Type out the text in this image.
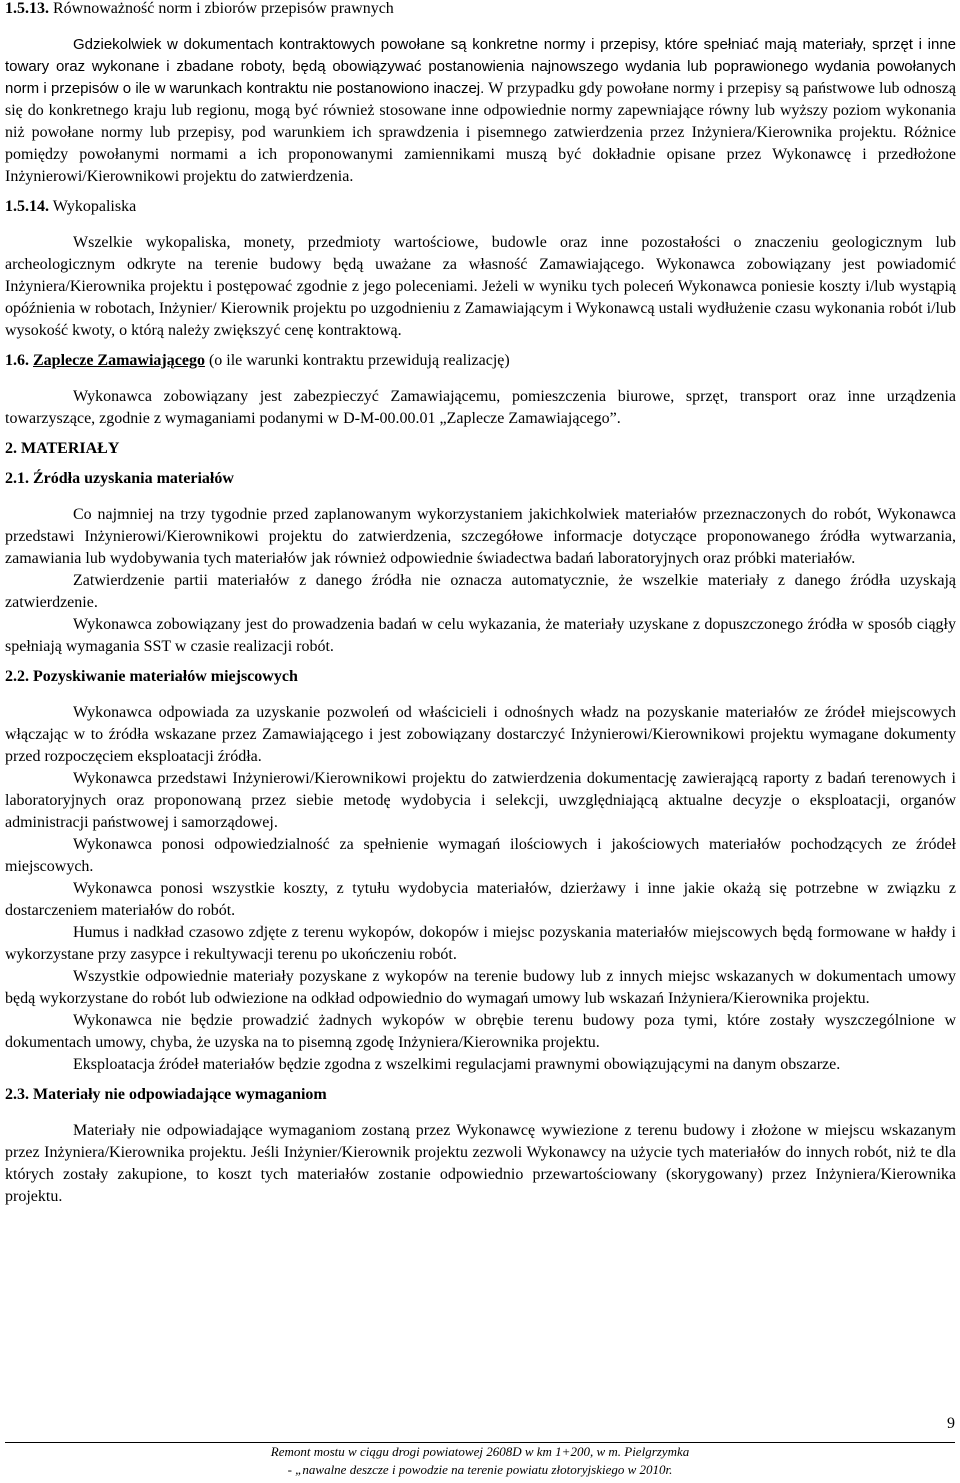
1.5.13. Równoważność norm i zbiorów przepisów prawnych

Gdziekolwiek w dokumentach kontraktowych powołane są konkretne normy i przepisy, które spełniać mają materiały, sprzęt i inne towary oraz wykonane i zbadane roboty, będą obowiązywać postanowienia najnowszego wydania lub poprawionego wydania powołanych norm i przepisów o ile w warunkach kontraktu nie postanowiono inaczej. W przypadku gdy powołane normy i przepisy są państwowe lub odnoszą się do konkretnego kraju lub regionu, mogą być również stosowane inne odpowiednie normy zapewniające równy lub wyższy poziom wykonania niż powołane normy lub przepisy, pod warunkiem ich sprawdzenia i pisemnego zatwierdzenia przez Inżyniera/Kierownika projektu. Różnice pomiędzy powołanymi normami a ich proponowanymi zamiennikami muszą być dokładnie opisane przez Wykonawcę i przedłożone Inżynierowi/Kierownikowi projektu do zatwierdzenia.

1.5.14. Wykopaliska

Wszelkie wykopaliska, monety, przedmioty wartościowe, budowle oraz inne pozostałości o znaczeniu geologicznym lub archeologicznym odkryte na terenie budowy będą uważane za własność Zamawiającego. Wykonawca zobowiązany jest powiadomić Inżyniera/Kierownika projektu i postępować zgodnie z jego poleceniami. Jeżeli w wyniku tych poleceń Wykonawca poniesie koszty i/lub wystąpią opóźnienia w robotach, Inżynier/ Kierownik projektu po uzgodnieniu z Zamawiającym i Wykonawcą ustali wydłużenie czasu wykonania robót i/lub wysokość kwoty, o którą należy zwiększyć cenę kontraktową.

1.6. Zaplecze Zamawiającego (o ile warunki kontraktu przewidują realizację)

Wykonawca zobowiązany jest zabezpieczyć Zamawiającemu, pomieszczenia biurowe, sprzęt, transport oraz inne urządzenia towarzyszące, zgodnie z wymaganiami podanymi w D-M-00.00.01 „Zaplecze Zamawiającego”.

2. MATERIAŁY

2.1. Źródła uzyskania materiałów

Co najmniej na trzy tygodnie przed zaplanowanym wykorzystaniem jakichkolwiek materiałów przeznaczonych do robót, Wykonawca przedstawi Inżynierowi/Kierownikowi projektu do zatwierdzenia, szczegółowe informacje dotyczące proponowanego źródła wytwarzania, zamawiania lub wydobywania tych materiałów jak również odpowiednie świadectwa badań laboratoryjnych oraz próbki materiałów.

Zatwierdzenie partii materiałów z danego źródła nie oznacza automatycznie, że wszelkie materiały z danego źródła uzyskają zatwierdzenie.

Wykonawca zobowiązany jest do prowadzenia badań w celu wykazania, że materiały uzyskane z dopuszczonego źródła w sposób ciągły spełniają wymagania SST w czasie realizacji robót.

2.2. Pozyskiwanie materiałów miejscowych

Wykonawca odpowiada za uzyskanie pozwoleń od właścicieli i odnośnych władz na pozyskanie materiałów ze źródeł miejscowych włączając w to źródła wskazane przez Zamawiającego i jest zobowiązany dostarczyć Inżynierowi/Kierownikowi projektu wymagane dokumenty przed rozpoczęciem eksploatacji źródła.

Wykonawca przedstawi Inżynierowi/Kierownikowi projektu do zatwierdzenia dokumentację zawierającą raporty z badań terenowych i laboratoryjnych oraz proponowaną przez siebie metodę wydobycia i selekcji, uwzględniającą aktualne decyzje o eksploatacji, organów administracji państwowej i samorządowej.

Wykonawca ponosi odpowiedzialność za spełnienie wymagań ilościowych i jakościowych materiałów pochodzących ze źródeł miejscowych.

Wykonawca ponosi wszystkie koszty, z tytułu wydobycia materiałów, dzierżawy i inne jakie okażą się potrzebne w związku z dostarczeniem materiałów do robót.

Humus i nadkład czasowo zdjęte z terenu wykopów, dokopów i miejsc pozyskania materiałów miejscowych będą formowane w hałdy i wykorzystane przy zasypce i rekultywacji terenu po ukończeniu robót.

Wszystkie odpowiednie materiały pozyskane z wykopów na terenie budowy lub z innych miejsc wskazanych w dokumentach umowy będą wykorzystane do robót lub odwiezione na odkład odpowiednio do wymagań umowy lub wskazań Inżyniera/Kierownika projektu.

Wykonawca nie będzie prowadzić żadnych wykopów w obrębie terenu budowy poza tymi, które zostały wyszczególnione w dokumentach umowy, chyba, że uzyska na to pisemną zgodę Inżyniera/Kierownika projektu.

Eksploatacja źródeł materiałów będzie zgodna z wszelkimi regulacjami prawnymi obowiązującymi na danym obszarze.

2.3. Materiały nie odpowiadające wymaganiom

Materiały nie odpowiadające wymaganiom zostaną przez Wykonawcę wywiezione z terenu budowy i złożone w miejscu wskazanym przez Inżyniera/Kierownika projektu. Jeśli Inżynier/Kierownik projektu zezwoli Wykonawcy na użycie tych materiałów do innych robót, niż te dla których zostały zakupione, to koszt tych materiałów zostanie odpowiednio przewartościowany (skorygowany) przez Inżyniera/Kierownika projektu.

9
Remont mostu w ciągu drogi powiatowej 2608D w km 1+200, w m. Pielgrzymka
- „nawalne deszcze i powodzie na terenie powiatu złotoryjskiego w 2010r.
